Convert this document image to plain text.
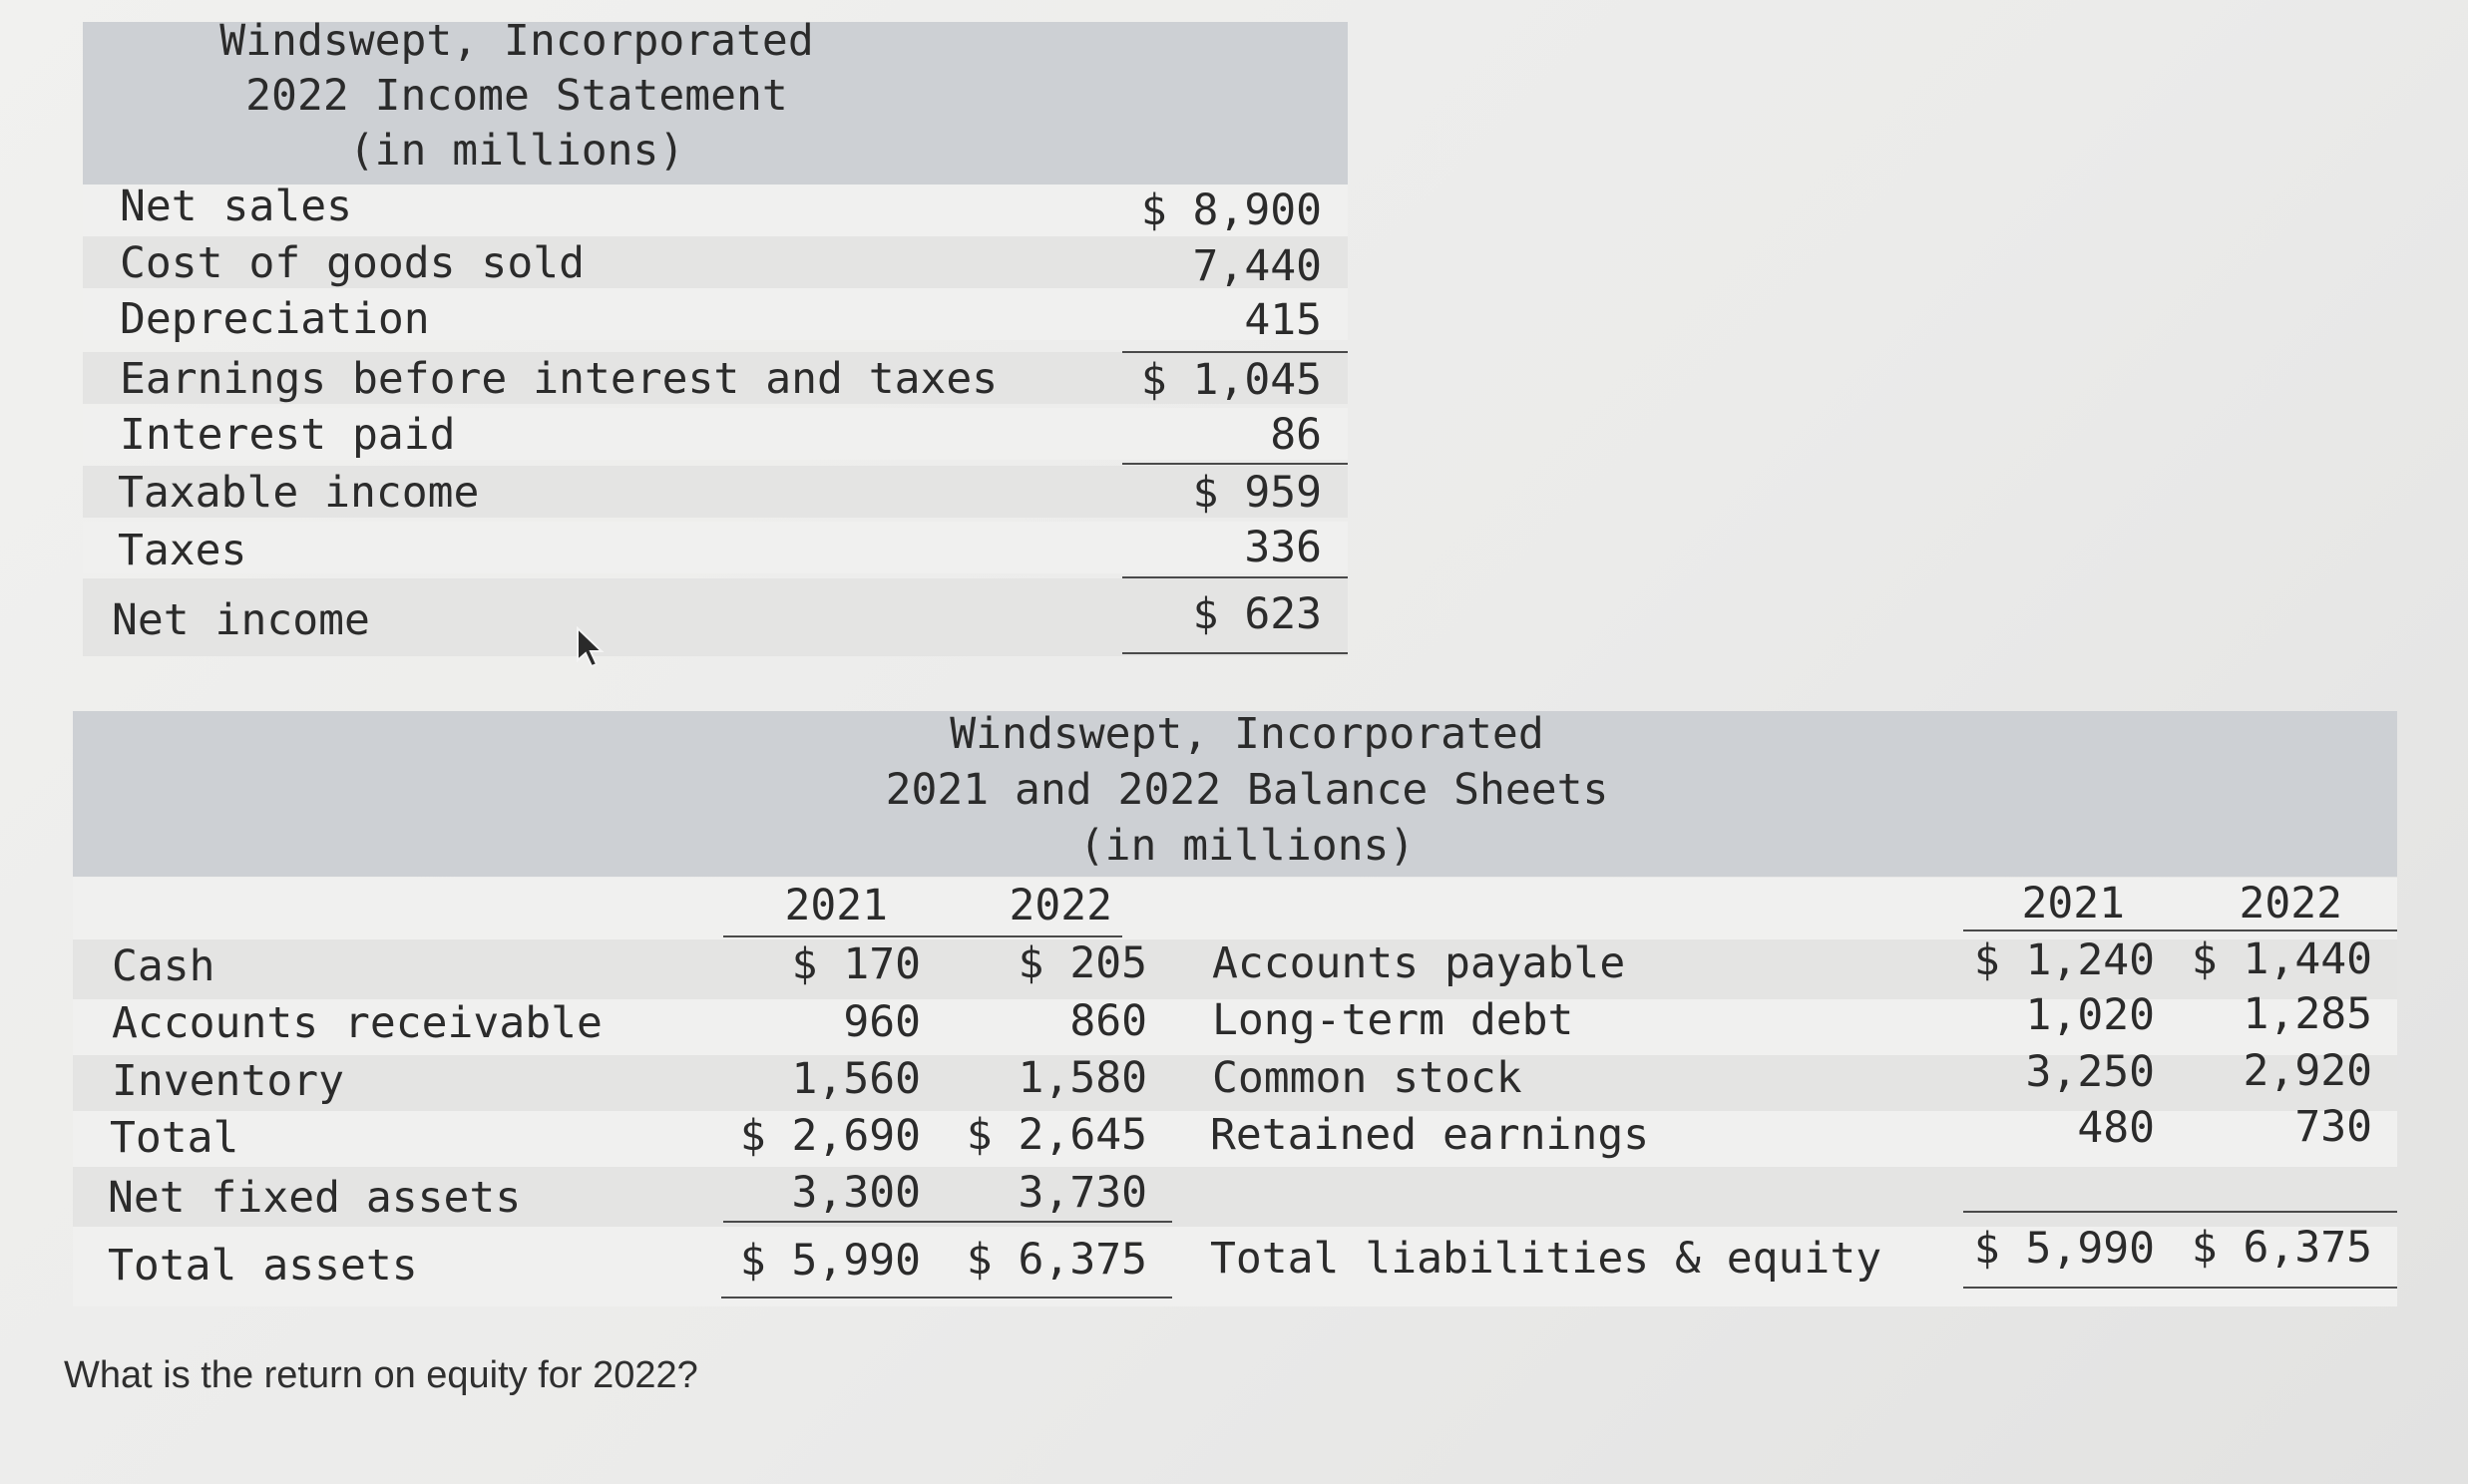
Windswept, Incorporated
2022 Income Statement
(in millions)
Net sales
Cost of goods sold
Depreciation
Earnings before interest and taxes
Interest paid
Taxable income
Taxes
Net income
$ 8,900
7,440
415
$ 1,045
86
$ 959
336
$ 623
Windswept, Incorporated
2021 and 2022 Balance Sheets
(in millions)
2021	2022
Cash
Accounts receivable
Inventory
Total
Net fixed assets
Total assets
$ 170
960
1,560
$ 2,690
3,300
$ 5,990
$ 205
860
1,580
$ 2,645
3,730
$ 6,375
2021	2022
Accounts payable
Long-term debt
Common stock
Retained earnings
Total liabilities & equity
$ 1,240
1,020
3,250
480
$ 5,990
$ 1,440
1,285
2,920
730
$ 6,375
What is the return on equity for 2022?
